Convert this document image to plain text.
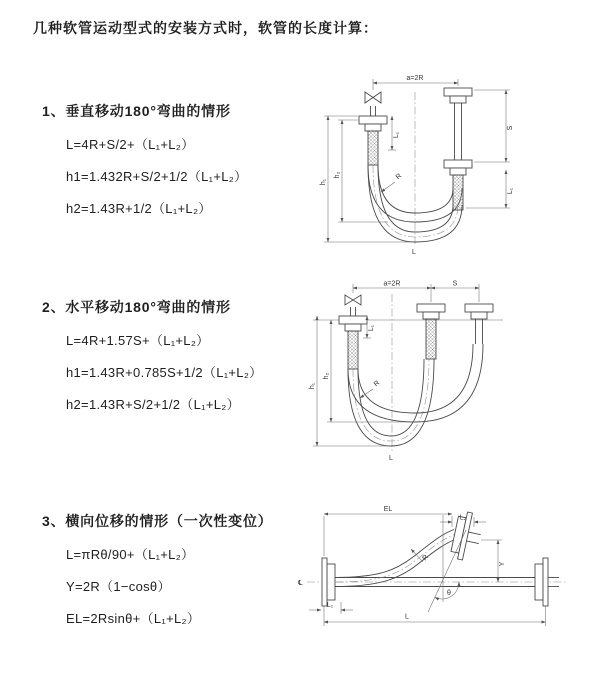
几种软管运动型式的安装方式时，软管的长度计算：
1、垂直移动180°弯曲的情形
L=4R+S/2+（L₁+L₂）
h1=1.432R+S/2+1/2（L₁+L₂）
h2=1.43R+1/2（L₁+L₂）
a=2R
h₁
h₂
L₁
S
L₁
R
L
2、水平移动180°弯曲的情形
L=4R+1.57S+（L₁+L₂）
h1=1.43R+0.785S+1/2（L₁+L₂）
h2=1.43R+S/2+1/2（L₁+L₂）
a=2R	S
h₁
h₂
L₁
R
L
3、横向位移的情形（一次性变位）
L=πRθ/90+（L₁+L₂）
Y=2R（1−cosθ）
EL=2Rsinθ+（L₁+L₂）
℄
θ
R
EL
L₂
Y
L
L₁
